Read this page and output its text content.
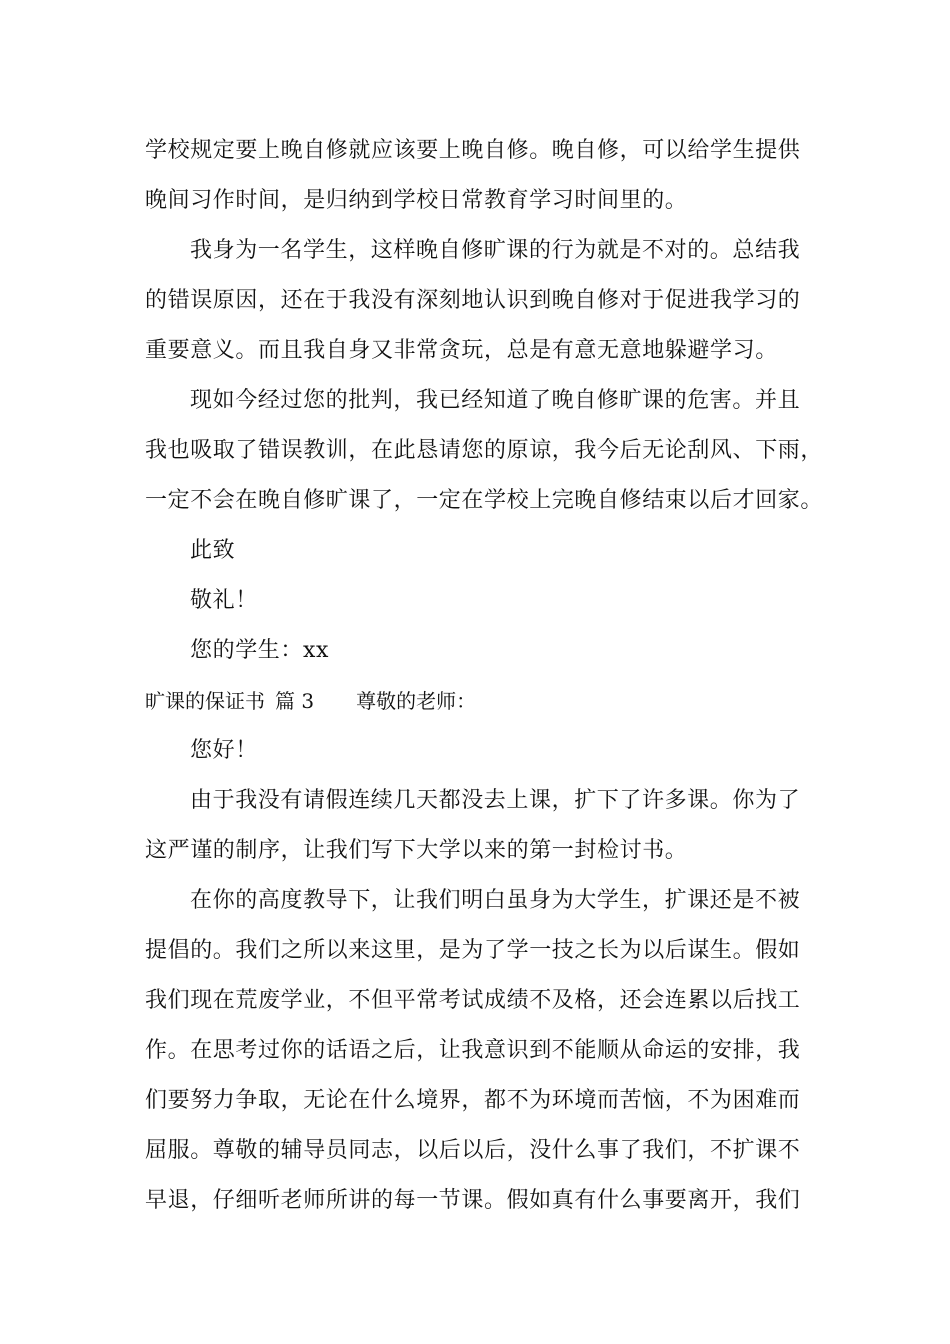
学校规定要上晚自修就应该要上晚自修。晚自修，可以给学生提供
晚间习作时间，是归纳到学校日常教育学习时间里的。
我身为一名学生，这样晚自修旷课的行为就是不对的。总结我
的错误原因，还在于我没有深刻地认识到晚自修对于促进我学习的
重要意义。而且我自身又非常贪玩，总是有意无意地躲避学习。
现如今经过您的批判，我已经知道了晚自修旷课的危害。并且
我也吸取了错误教训，在此恳请您的原谅，我今后无论刮风、下雨，
一定不会在晚自修旷课了，一定在学校上完晚自修结束以后才回家。
此致
敬礼！
您的学生：xx
旷课的保证书 篇 3 尊敬的老师：
您好！
由于我没有请假连续几天都没去上课，扩下了许多课。你为了
这严谨的制序，让我们写下大学以来的第一封检讨书。
在你的高度教导下，让我们明白虽身为大学生，扩课还是不被
提倡的。我们之所以来这里，是为了学一技之长为以后谋生。假如
我们现在荒废学业，不但平常考试成绩不及格，还会连累以后找工
作。在思考过你的话语之后，让我意识到不能顺从命运的安排，我
们要努力争取，无论在什么境界，都不为环境而苦恼，不为困难而
屈服。尊敬的辅导员同志，以后以后，没什么事了我们，不扩课不
早退，仔细听老师所讲的每一节课。假如真有什么事要离开，我们
